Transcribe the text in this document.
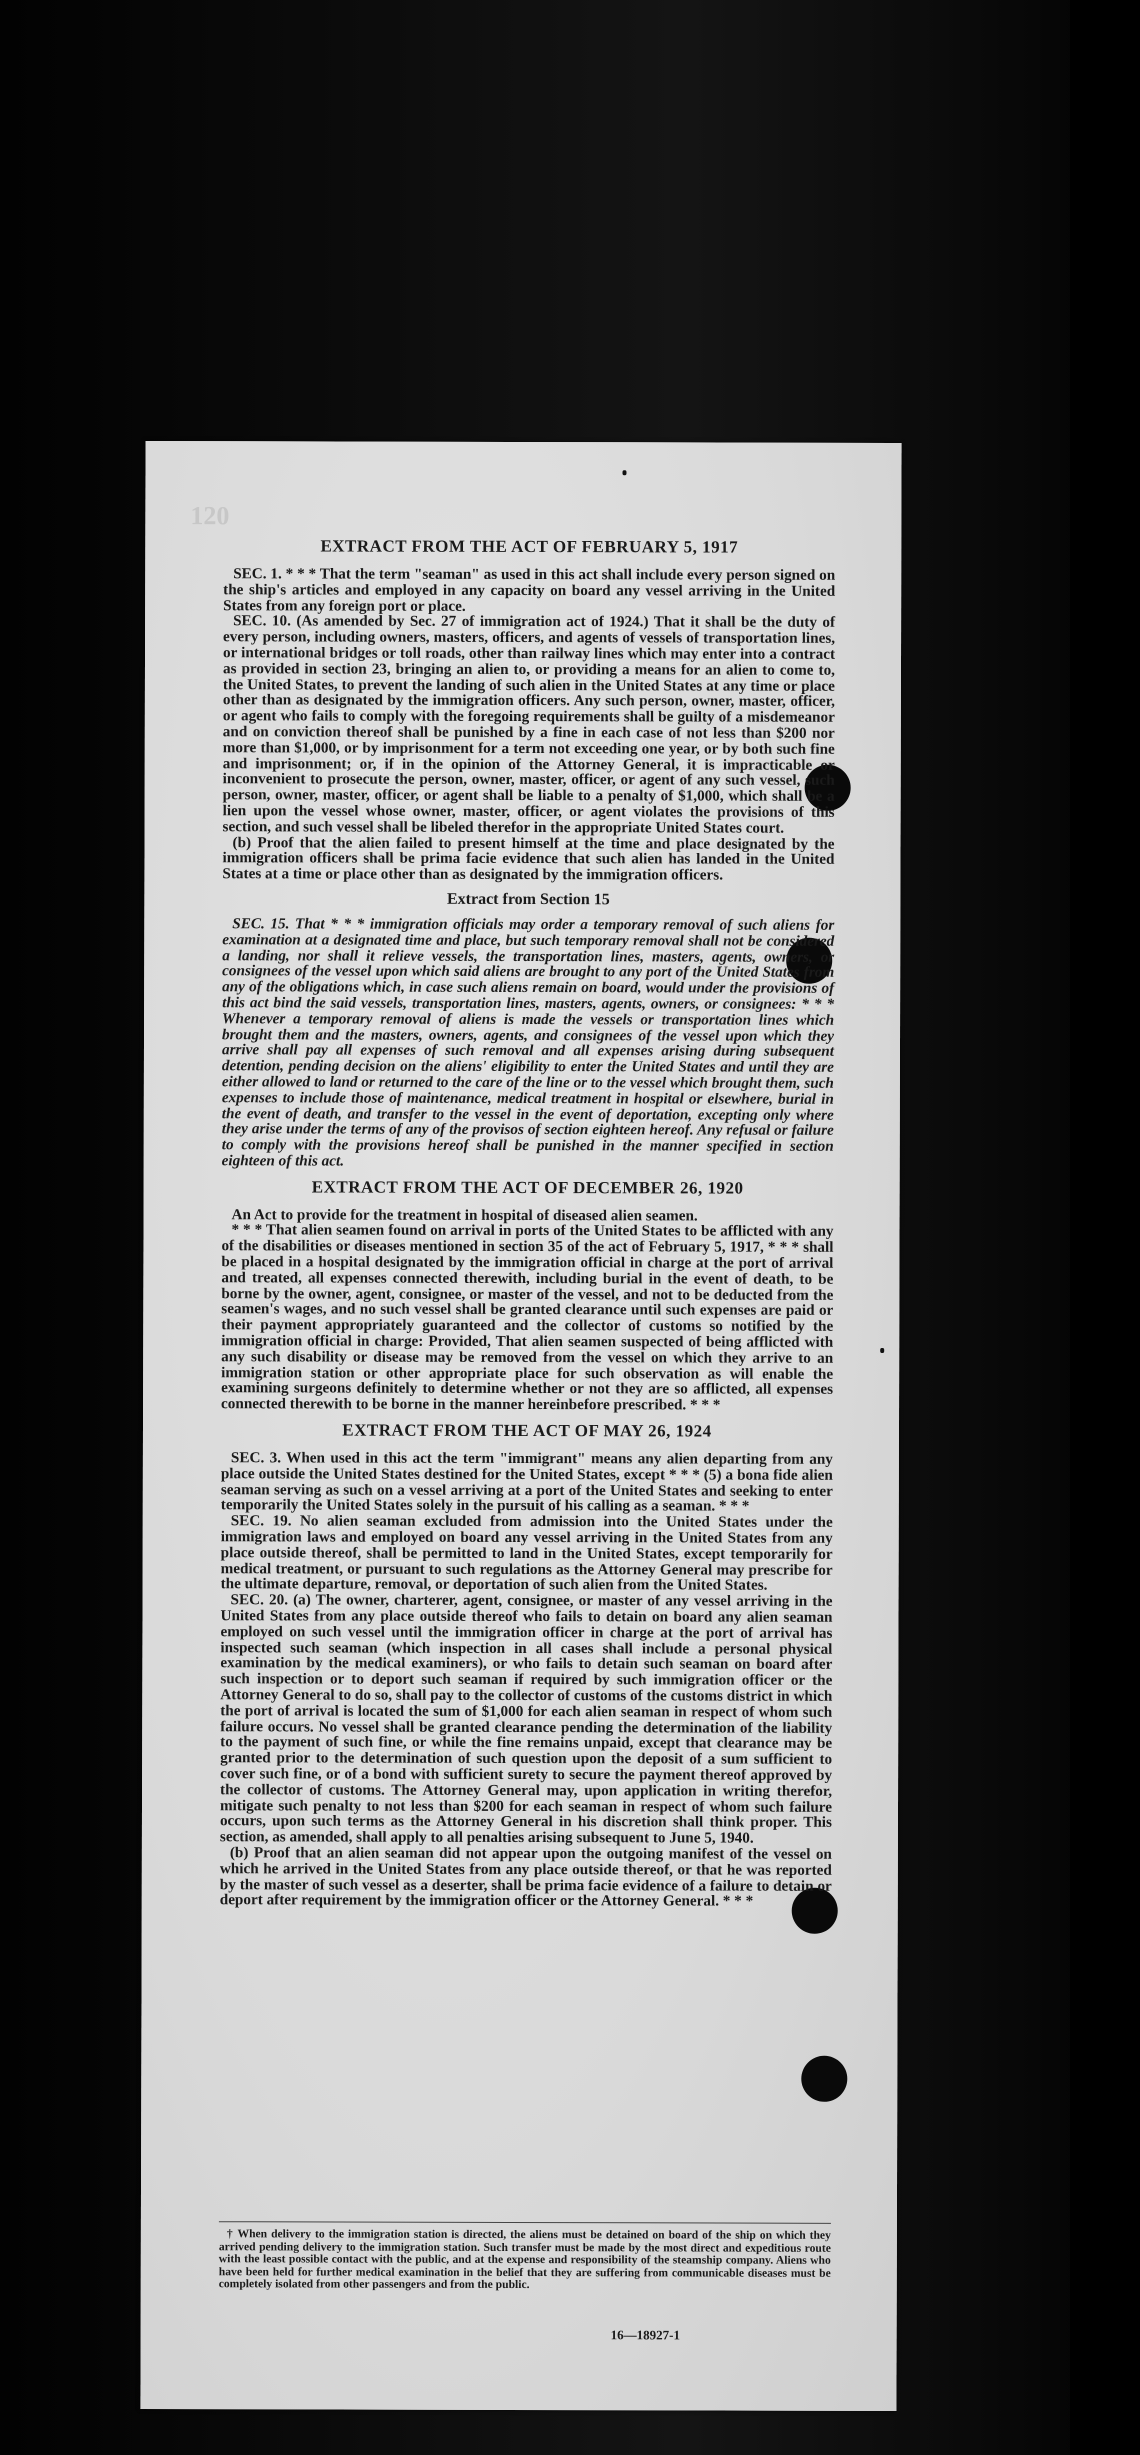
120
EXTRACT FROM THE ACT OF FEBRUARY 5, 1917

SEC. 1. * * * That the term "seaman" as used in this act shall include every person signed on the ship's articles and employed in any capacity on board any vessel arriving in the United States from any foreign port or place.

SEC. 10. (As amended by Sec. 27 of immigration act of 1924.) That it shall be the duty of every person, including owners, masters, officers, and agents of vessels of transportation lines, or international bridges or toll roads, other than railway lines which may enter into a contract as provided in section 23, bringing an alien to, or providing a means for an alien to come to, the United States, to prevent the landing of such alien in the United States at any time or place other than as designated by the immigration officers. Any such person, owner, master, officer, or agent who fails to comply with the foregoing requirements shall be guilty of a misdemeanor and on conviction thereof shall be punished by a fine in each case of not less than $200 nor more than $1,000, or by imprisonment for a term not exceeding one year, or by both such fine and imprisonment; or, if in the opinion of the Attorney General, it is impracticable or inconvenient to prosecute the person, owner, master, officer, or agent of any such vessel, such person, owner, master, officer, or agent shall be liable to a penalty of $1,000, which shall be a lien upon the vessel whose owner, master, officer, or agent violates the provisions of this section, and such vessel shall be libeled therefor in the appropriate United States court.

(b) Proof that the alien failed to present himself at the time and place designated by the immigration officers shall be prima facie evidence that such alien has landed in the United States at a time or place other than as designated by the immigration officers.

Extract from Section 15

SEC. 15. That * * * immigration officials may order a temporary removal of such aliens for examination at a designated time and place, but such temporary removal shall not be considered a landing, nor shall it relieve vessels, the transportation lines, masters, agents, owners, or consignees of the vessel upon which said aliens are brought to any port of the United States from any of the obligations which, in case such aliens remain on board, would under the provisions of this act bind the said vessels, transportation lines, masters, agents, owners, or consignees: * * * Whenever a temporary removal of aliens is made the vessels or transportation lines which brought them and the masters, owners, agents, and consignees of the vessel upon which they arrive shall pay all expenses of such removal and all expenses arising during subsequent detention, pending decision on the aliens' eligibility to enter the United States and until they are either allowed to land or returned to the care of the line or to the vessel which brought them, such expenses to include those of maintenance, medical treatment in hospital or elsewhere, burial in the event of death, and transfer to the vessel in the event of deportation, excepting only where they arise under the terms of any of the provisos of section eighteen hereof. Any refusal or failure to comply with the provisions hereof shall be punished in the manner specified in section eighteen of this act.

EXTRACT FROM THE ACT OF DECEMBER 26, 1920

An Act to provide for the treatment in hospital of diseased alien seamen.

* * * That alien seamen found on arrival in ports of the United States to be afflicted with any of the disabilities or diseases mentioned in section 35 of the act of February 5, 1917, * * * shall be placed in a hospital designated by the immigration official in charge at the port of arrival and treated, all expenses connected therewith, including burial in the event of death, to be borne by the owner, agent, consignee, or master of the vessel, and not to be deducted from the seamen's wages, and no such vessel shall be granted clearance until such expenses are paid or their payment appropriately guaranteed and the collector of customs so notified by the immigration official in charge: Provided, That alien seamen suspected of being afflicted with any such disability or disease may be removed from the vessel on which they arrive to an immigration station or other appropriate place for such observation as will enable the examining surgeons definitely to determine whether or not they are so afflicted, all expenses connected therewith to be borne in the manner hereinbefore prescribed. * * *

EXTRACT FROM THE ACT OF MAY 26, 1924

SEC. 3. When used in this act the term "immigrant" means any alien departing from any place outside the United States destined for the United States, except * * * (5) a bona fide alien seaman serving as such on a vessel arriving at a port of the United States and seeking to enter temporarily the United States solely in the pursuit of his calling as a seaman. * * *

SEC. 19. No alien seaman excluded from admission into the United States under the immigration laws and employed on board any vessel arriving in the United States from any place outside thereof, shall be permitted to land in the United States, except temporarily for medical treatment, or pursuant to such regulations as the Attorney General may prescribe for the ultimate departure, removal, or deportation of such alien from the United States.

SEC. 20. (a) The owner, charterer, agent, consignee, or master of any vessel arriving in the United States from any place outside thereof who fails to detain on board any alien seaman employed on such vessel until the immigration officer in charge at the port of arrival has inspected such seaman (which inspection in all cases shall include a personal physical examination by the medical examiners), or who fails to detain such seaman on board after such inspection or to deport such seaman if required by such immigration officer or the Attorney General to do so, shall pay to the collector of customs of the customs district in which the port of arrival is located the sum of $1,000 for each alien seaman in respect of whom such failure occurs. No vessel shall be granted clearance pending the determination of the liability to the payment of such fine, or while the fine remains unpaid, except that clearance may be granted prior to the determination of such question upon the deposit of a sum sufficient to cover such fine, or of a bond with sufficient surety to secure the payment thereof approved by the collector of customs. The Attorney General may, upon application in writing therefor, mitigate such penalty to not less than $200 for each seaman in respect of whom such failure occurs, upon such terms as the Attorney General in his discretion shall think proper. This section, as amended, shall apply to all penalties arising subsequent to June 5, 1940.

(b) Proof that an alien seaman did not appear upon the outgoing manifest of the vessel on which he arrived in the United States from any place outside thereof, or that he was reported by the master of such vessel as a deserter, shall be prima facie evidence of a failure to detain or deport after requirement by the immigration officer or the Attorney General. * * *

† When delivery to the immigration station is directed, the aliens must be detained on board of the ship on which they arrived pending delivery to the immigration station. Such transfer must be made by the most direct and expeditious route with the least possible contact with the public, and at the expense and responsibility of the steamship company. Aliens who have been held for further medical examination in the belief that they are suffering from communicable diseases must be completely isolated from other passengers and from the public.

16—18927-1
